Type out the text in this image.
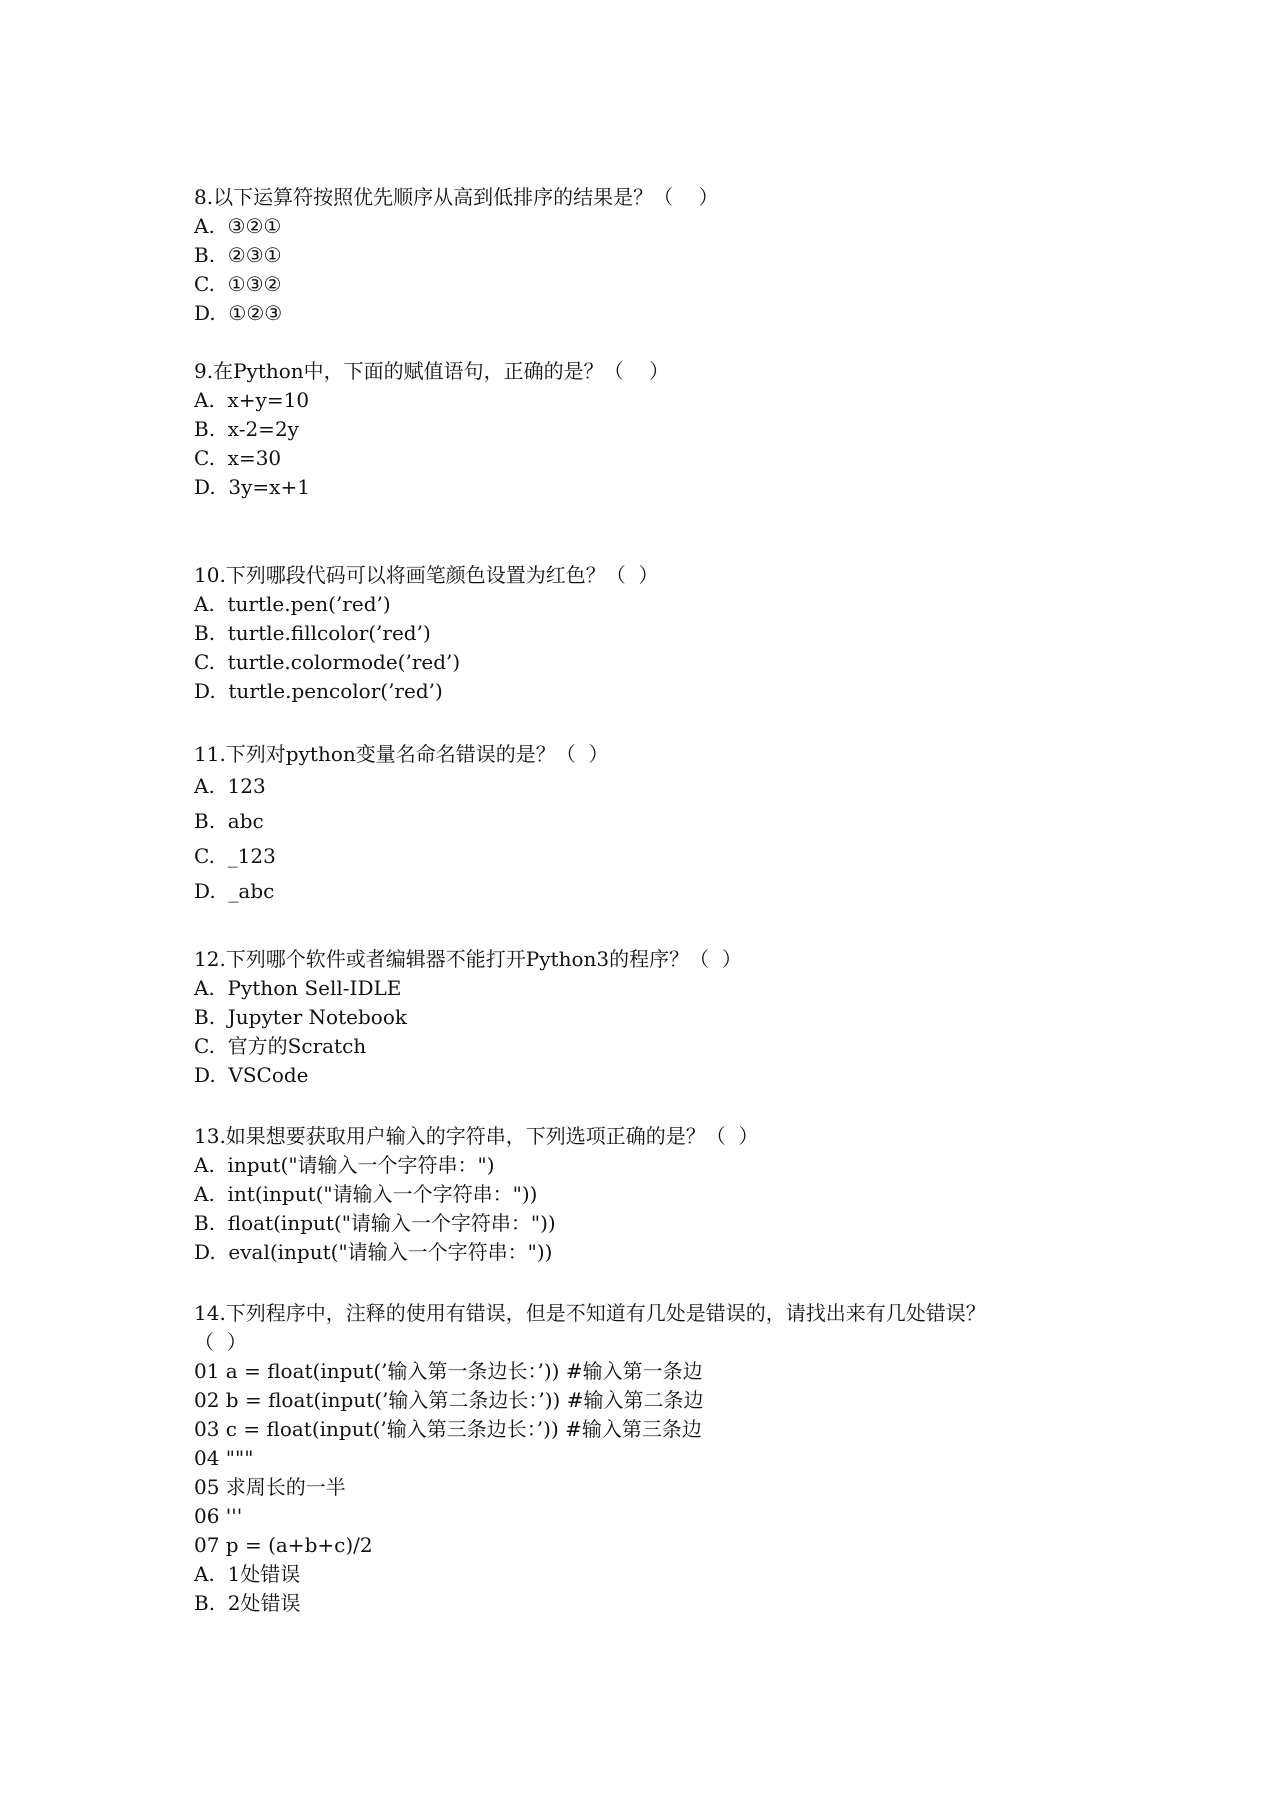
8.以下运算符按照优先顺序从高到低排序的结果是？（    ）
A.  ③②①
B.  ②③①
C.  ①③②
D.  ①②③
9.在Python中，下面的赋值语句，正确的是？（    ）
A.  x+y=10
B.  x-2=2y
C.  x=30
D.  3y=x+1
10.下列哪段代码可以将画笔颜色设置为红色？（  ）
A.  turtle.pen(’red’)
B.  turtle.fillcolor(’red’)
C.  turtle.colormode(’red’)
D.  turtle.pencolor(’red’)
11.下列对python变量名命名错误的是？（  ）
A.  123
B.  abc
C.  _123
D.  _abc
12.下列哪个软件或者编辑器不能打开Python3的程序？（  ）
A.  Python Sell-IDLE
B.  Jupyter Notebook
C.  官方的Scratch
D.  VSCode
13.如果想要获取用户输入的字符串，下列选项正确的是？（  ）
A.  input("请输入一个字符串：")
A.  int(input("请输入一个字符串："))
B.  float(input("请输入一个字符串："))
D.  eval(input("请输入一个字符串："))
14.下列程序中，注释的使用有错误，但是不知道有几处是错误的，请找出来有几处错误？
（  ）
01 a = float(input(’输入第一条边长：’)) #输入第一条边
02 b = float(input(’输入第二条边长：’)) #输入第二条边
03 c = float(input(’输入第三条边长：’)) #输入第三条边
04 """
05 求周长的一半
06 '''
07 p = (a+b+c)/2
A.  1处错误
B.  2处错误
